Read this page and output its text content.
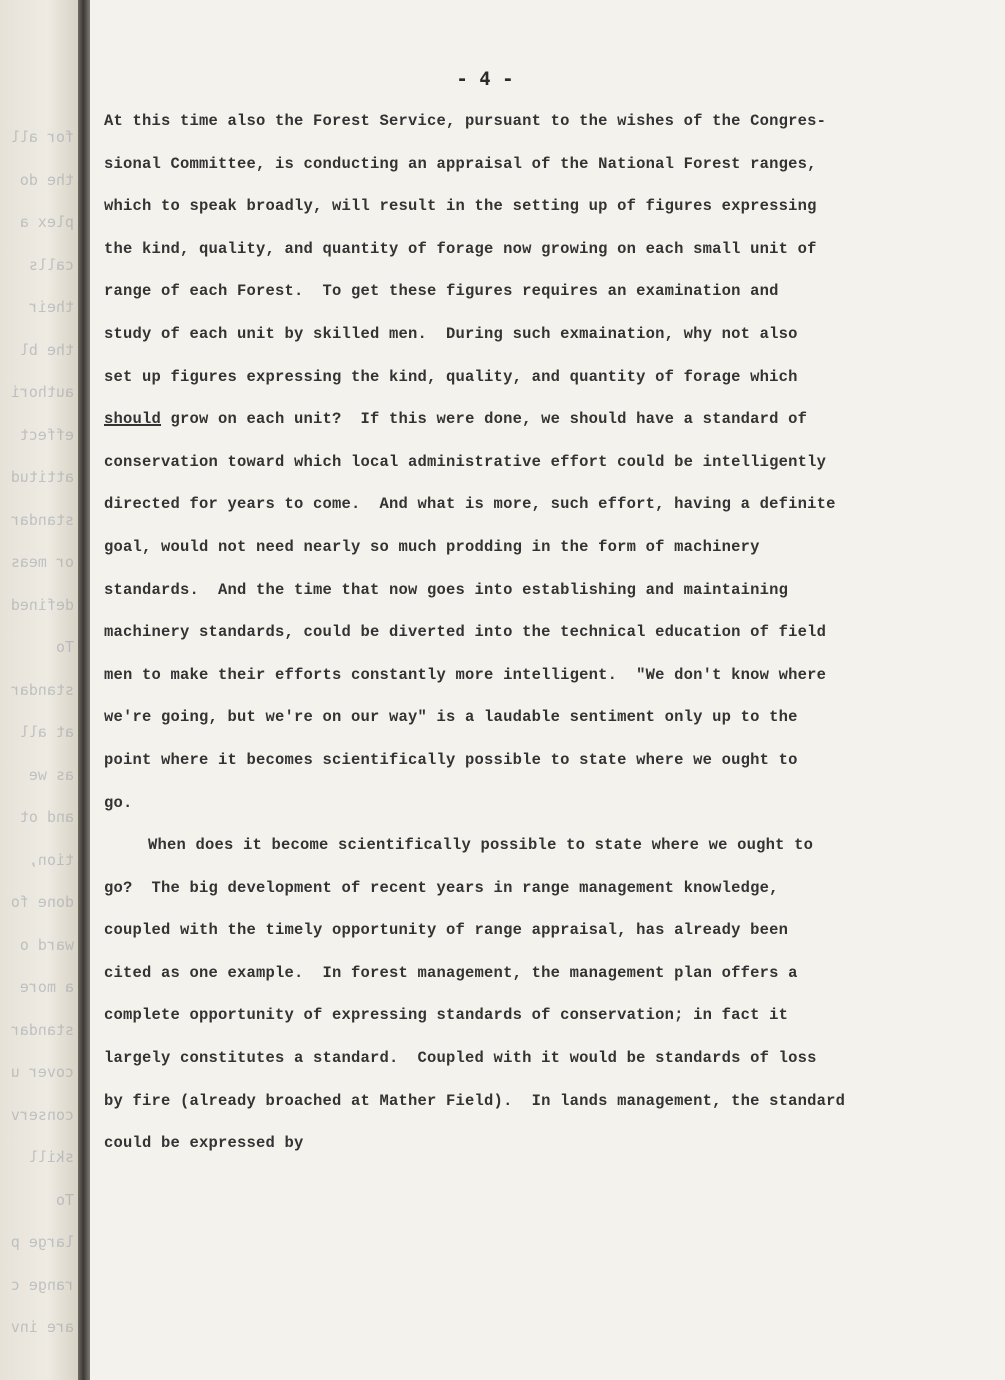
for all
the do
plex a
calls
their
the bl
authori
effect
attitud
standar
or meas
defined
To
standar
at all
as we
and ot
tion,
done fo
ward o
a more
standar
cover u
conserv
skill
To
large p
range c
are inv
- 4 -
At this time also the Forest Service, pursuant to the wishes of the Congres-
sional Committee, is conducting an appraisal of the National Forest ranges,
which to speak broadly, will result in the setting up of figures expressing
the kind, quality, and quantity of forage now growing on each small unit of
range of each Forest.  To get these figures requires an examination and
study of each unit by skilled men.  During such exmaination, why not also
set up figures expressing the kind, quality, and quantity of forage which
should grow on each unit?  If this were done, we should have a standard of
conservation toward which local administrative effort could be intelligently
directed for years to come.  And what is more, such effort, having a definite
goal, would not need nearly so much prodding in the form of machinery
standards.  And the time that now goes into establishing and maintaining
machinery standards, could be diverted into the technical education of field
men to make their efforts constantly more intelligent.  "We don't know where
we're going, but we're on our way" is a laudable sentiment only up to the
point where it becomes scientifically possible to state where we ought to
go.
When does it become scientifically possible to state where we ought to
go?  The big development of recent years in range management knowledge,
coupled with the timely opportunity of range appraisal, has already been
cited as one example.  In forest management, the management plan offers a
complete opportunity of expressing standards of conservation; in fact it
largely constitutes a standard.  Coupled with it would be standards of loss
by fire (already broached at Mather Field).  In lands management, the standard
could be expressed by
